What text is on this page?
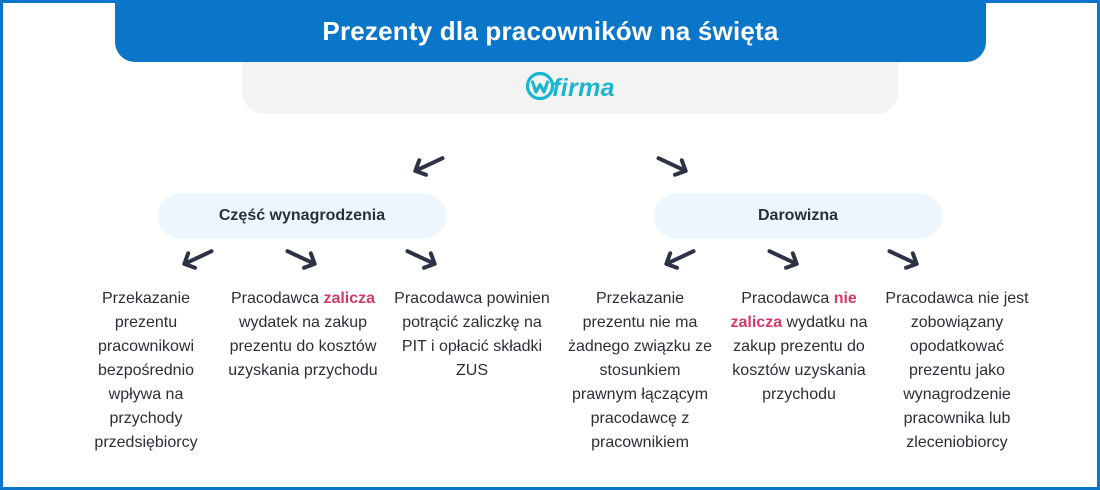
Prezenty dla pracowników na święta
firma
Część wynagrodzenia	Darowizna
Przekazanie prezentu pracownikowi bezpośrednio wpływa na przychody przedsiębiorcy
Pracodawca zalicza wydatek na zakup prezentu do kosztów uzyskania przychodu
Pracodawca powinien potrącić zaliczkę na PIT i opłacić składki ZUS
Przekazanie prezentu nie ma żadnego związku ze stosunkiem prawnym łączącym pracodawcę z pracownikiem
Pracodawca nie zalicza wydatku na zakup prezentu do kosztów uzyskania przychodu
Pracodawca nie jest zobowiązany opodatkować prezentu jako wynagrodzenie pracownika lub zleceniobiorcy
